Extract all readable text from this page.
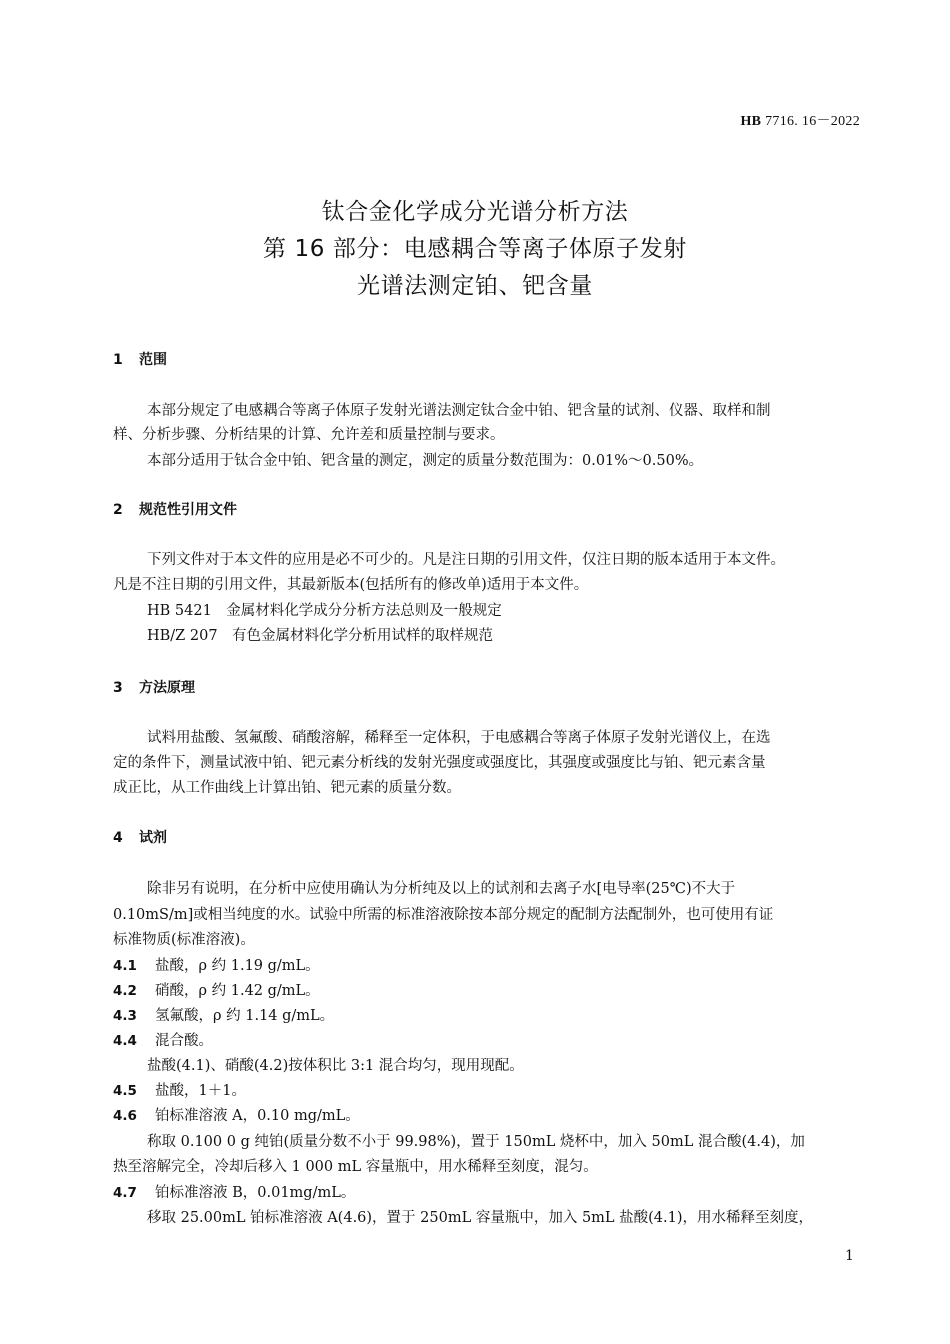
HB 7716. 16－2022
钛合金化学成分光谱分析方法
第 16 部分：电感耦合等离子体原子发射
光谱法测定铂、钯含量
1 范围
本部分规定了电感耦合等离子体原子发射光谱法测定钛合金中铂、钯含量的试剂、仪器、取样和制
样、分析步骤、分析结果的计算、允许差和质量控制与要求。
本部分适用于钛合金中铂、钯含量的测定，测定的质量分数范围为：0.01%～0.50%。
2 规范性引用文件
下列文件对于本文件的应用是必不可少的。凡是注日期的引用文件，仅注日期的版本适用于本文件。
凡是不注日期的引用文件，其最新版本(包括所有的修改单)适用于本文件。
HB 5421　金属材料化学成分分析方法总则及一般规定
HB/Z 207　有色金属材料化学分析用试样的取样规范
3 方法原理
试料用盐酸、氢氟酸、硝酸溶解，稀释至一定体积，于电感耦合等离子体原子发射光谱仪上，在选
定的条件下，测量试液中铂、钯元素分析线的发射光强度或强度比，其强度或强度比与铂、钯元素含量
成正比，从工作曲线上计算出铂、钯元素的质量分数。
4 试剂
除非另有说明，在分析中应使用确认为分析纯及以上的试剂和去离子水[电导率(25℃)不大于
0.10mS/m]或相当纯度的水。试验中所需的标准溶液除按本部分规定的配制方法配制外，也可使用有证
标准物质(标准溶液)。
4.1 盐酸，ρ 约 1.19 g/mL。
4.2 硝酸，ρ 约 1.42 g/mL。
4.3 氢氟酸，ρ 约 1.14 g/mL。
4.4 混合酸。
盐酸(4.1)、硝酸(4.2)按体积比 3:1 混合均匀，现用现配。
4.5 盐酸，1＋1。
4.6 铂标准溶液 A，0.10 mg/mL。
称取 0.100 0 g 纯铂(质量分数不小于 99.98%)，置于 150mL 烧杯中，加入 50mL 混合酸(4.4)，加
热至溶解完全，冷却后移入 1 000 mL 容量瓶中，用水稀释至刻度，混匀。
4.7 铂标准溶液 B，0.01mg/mL。
移取 25.00mL 铂标准溶液 A(4.6)，置于 250mL 容量瓶中，加入 5mL 盐酸(4.1)，用水稀释至刻度，
1
